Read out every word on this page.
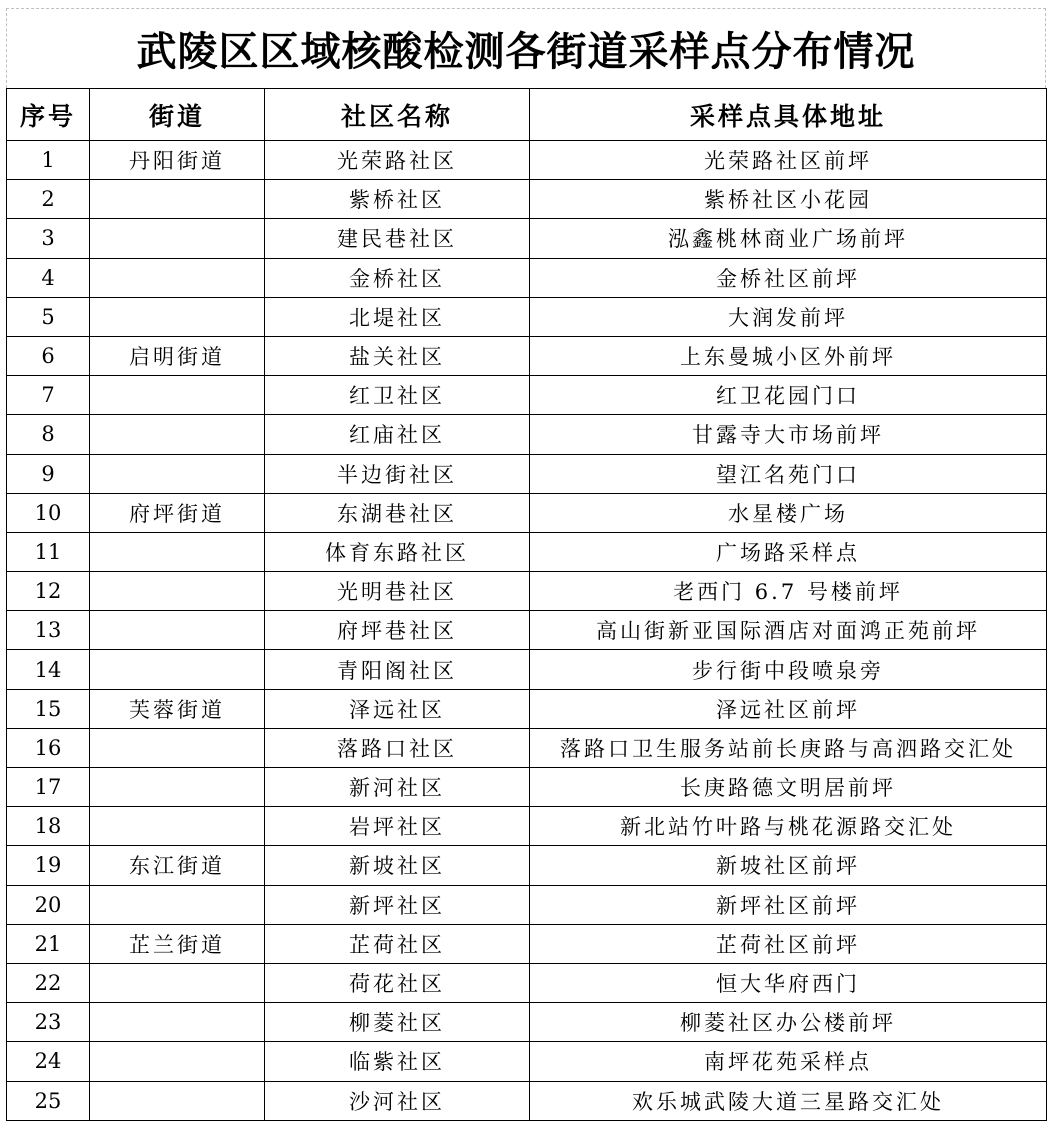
武陵区区域核酸检测各街道采样点分布情况
序号	街道	社区名称	采样点具体地址
1	丹阳街道	光荣路社区	光荣路社区前坪
2		紫桥社区	紫桥社区小花园
3		建民巷社区	泓鑫桃林商业广场前坪
4		金桥社区	金桥社区前坪
5		北堤社区	大润发前坪
6	启明街道	盐关社区	上东曼城小区外前坪
7		红卫社区	红卫花园门口
8		红庙社区	甘露寺大市场前坪
9		半边街社区	望江名苑门口
10	府坪街道	东湖巷社区	水星楼广场
11		体育东路社区	广场路采样点
12		光明巷社区	老西门 6.7 号楼前坪
13		府坪巷社区	高山街新亚国际酒店对面鸿正苑前坪
14		青阳阁社区	步行街中段喷泉旁
15	芙蓉街道	泽远社区	泽远社区前坪
16		落路口社区	落路口卫生服务站前长庚路与高泗路交汇处
17		新河社区	长庚路德文明居前坪
18		岩坪社区	新北站竹叶路与桃花源路交汇处
19	东江街道	新坡社区	新坡社区前坪
20		新坪社区	新坪社区前坪
21	芷兰街道	芷荷社区	芷荷社区前坪
22		荷花社区	恒大华府西门
23		柳菱社区	柳菱社区办公楼前坪
24		临紫社区	南坪花苑采样点
25		沙河社区	欢乐城武陵大道三星路交汇处
